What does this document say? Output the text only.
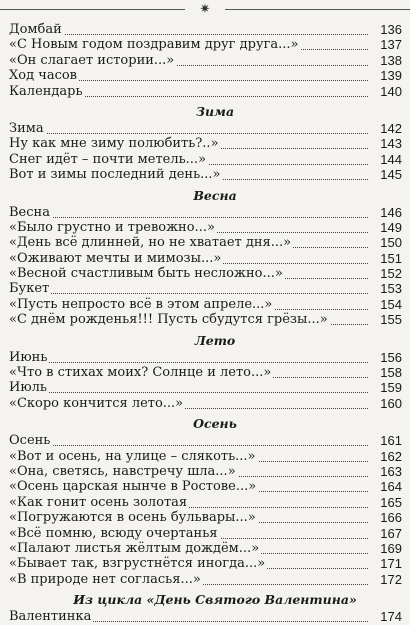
✷
Домбай	136
«С Новым годом поздравим друг друга...»	137
«Он слагает истории...»	138
Ход часов	139
Календарь	140
Зима
Зима	142
Ну как мне зиму полюбить?..»	143
Снег идёт – почти метель...»	144
Вот и зимы последний день...»	145
Весна
Весна	146
«Было грустно и тревожно...»	149
«День всё длинней, но не хватает дня...»	150
«Оживают мечты и мимозы...»	151
«Весной счастливым быть несложно...»	152
Букет	153
«Пусть непросто всё в этом апреле...»	154
«С днём рожденья!!! Пусть сбудутся грёзы...»	155
Лето
Июнь	156
«Что в стихах моих? Солнце и лето...»	158
Июль	159
«Скоро кончится лето...»	160
Осень
Осень	161
«Вот и осень, на улице – слякоть...»	162
«Она, светясь, навстречу шла...»	163
«Осень царская нынче в Ростове...»	164
«Как гонит осень золотая	165
«Погружаются в осень бульвары...»	166
«Всё помню, всюду очертанья	167
«Палают листья жёлтым дождём...»	169
«Бывает так, взгрустнётся иногда...»	171
«В природе нет согласья...»	172
Из цикла «День Святого Валентина»
Валентинка	174
